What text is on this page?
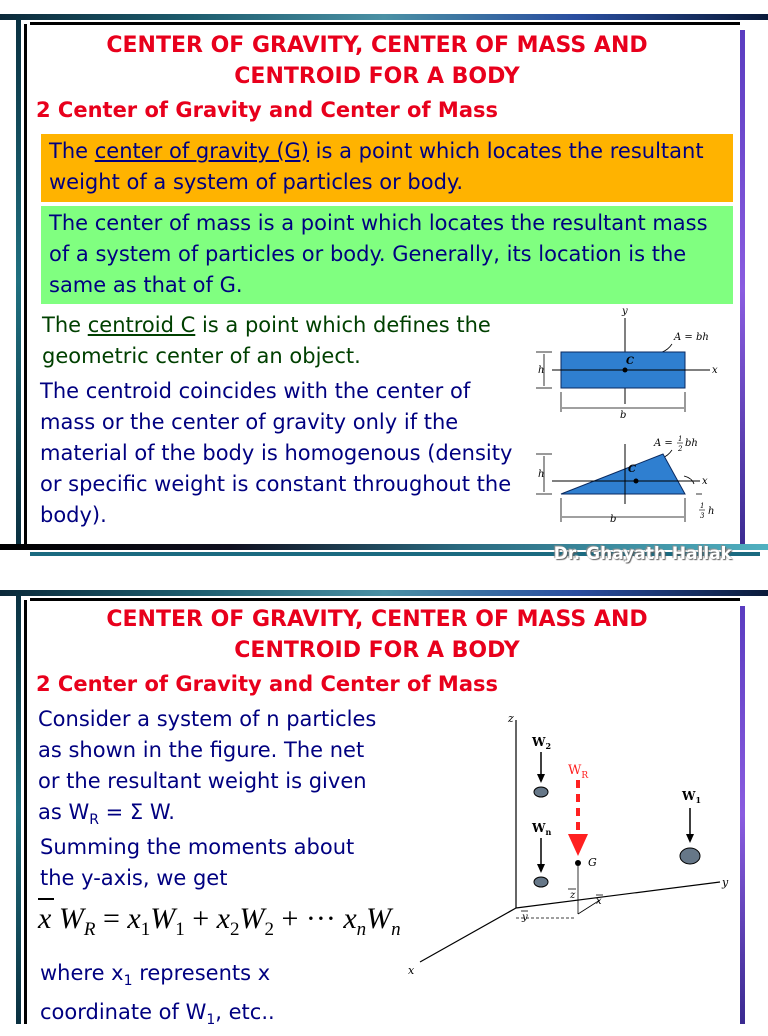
CENTER OF GRAVITY, CENTER OF MASS AND
CENTROID FOR A BODY
2 Center of Gravity and Center of Mass
The center of gravity (G) is a point which locates the resultant weight of a system of particles or body.
The center of mass is a point which locates the resultant mass of a system of particles or body. Generally, its location is the same as that of G.
The centroid C is a point which defines the geometric center of an object.
The centroid coincides with the center of mass or the center of gravity only if the material of the body is homogenous (density or specific weight is constant throughout the body).
y
A = bh
x
C
h
b
A = 1
2 bh
x
C
h
1
3 h
b
Dr. Ghayath Hallak
CENTER OF GRAVITY, CENTER OF MASS AND
CENTROID FOR A BODY
2 Center of Gravity and Center of Mass
Consider a system of n particles
as shown in the figure. The net
or the resultant weight is given
as $W_R = \Sigma$ W.
Summing the moments about
the y-axis, we get
x $W_R = x_1W_1 + x_2W_2$ + ··· $x_nW_n$
where $x_1$ represents x
coordinate of $W_1$, etc..
z
y
x
$W_2$
$W_n$
$W_R$
G
z
x
y
$W_1$
